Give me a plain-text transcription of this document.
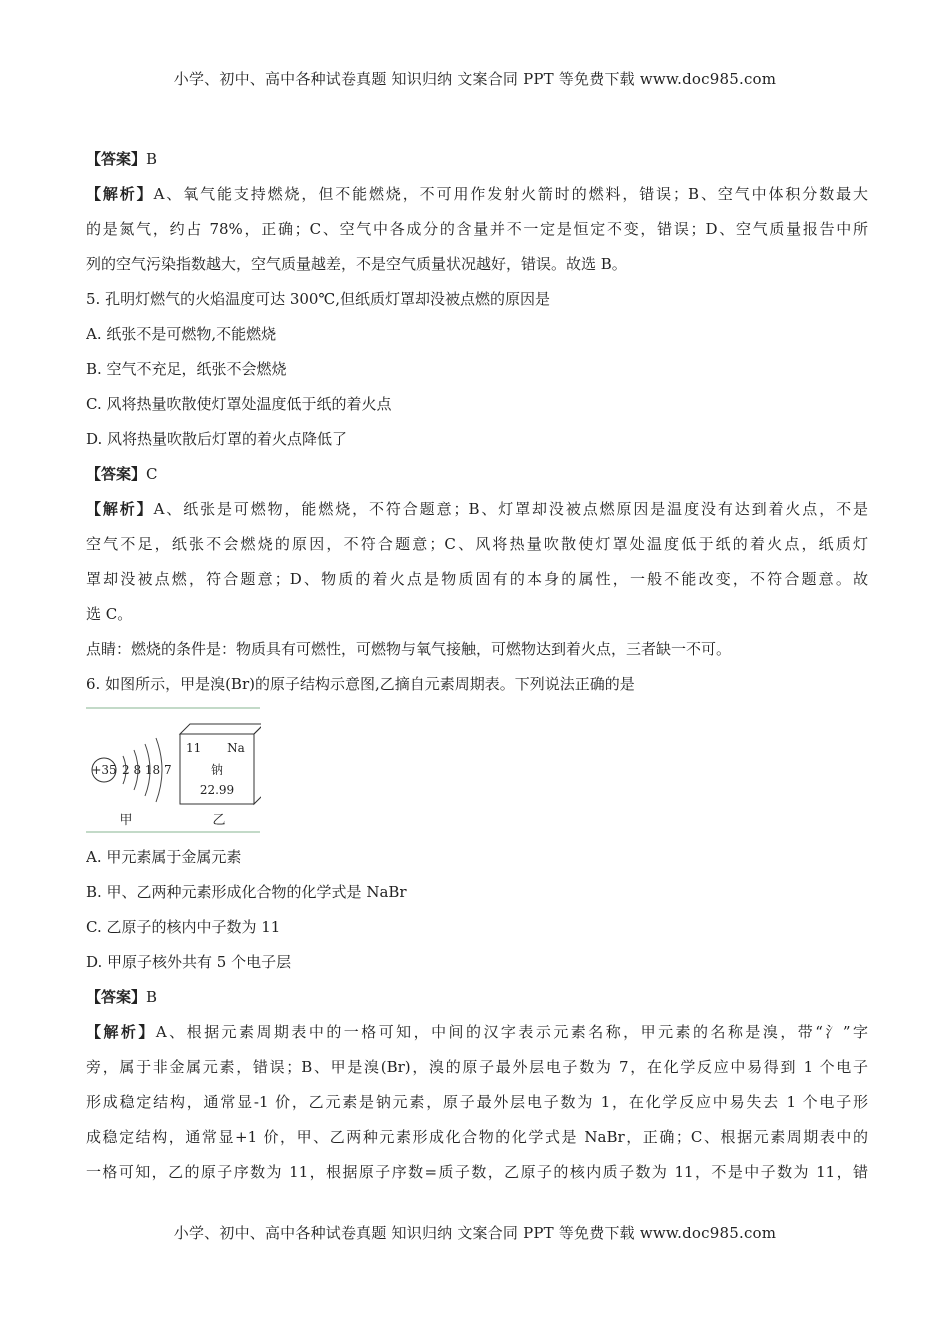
小学、初中、高中各种试卷真题 知识归纳 文案合同 PPT 等免费下载 www.doc985.com
【答案】B
【解析】A、氧气能支持燃烧，但不能燃烧，不可用作发射火箭时的燃料，错误；B、空气中体积分数最大
的是氮气，约占 78%，正确；C、空气中各成分的含量并不一定是恒定不变，错误；D、空气质量报告中所
列的空气污染指数越大，空气质量越差，不是空气质量状况越好，错误。故选 B。
5. 孔明灯燃气的火焰温度可达 300℃,但纸质灯罩却没被点燃的原因是
A. 纸张不是可燃物,不能燃烧
B. 空气不充足，纸张不会燃烧
C. 风将热量吹散使灯罩处温度低于纸的着火点
D. 风将热量吹散后灯罩的着火点降低了
【答案】C
【解析】A、纸张是可燃物，能燃烧，不符合题意；B、灯罩却没被点燃原因是温度没有达到着火点，不是
空气不足，纸张不会燃烧的原因，不符合题意；C、风将热量吹散使灯罩处温度低于纸的着火点，纸质灯
罩却没被点燃，符合题意；D、物质的着火点是物质固有的本身的属性，一般不能改变，不符合题意。故
选 C。
点睛：燃烧的条件是：物质具有可燃性，可燃物与氧气接触，可燃物达到着火点，三者缺一不可。
6. 如图所示，甲是溴(Br)的原子结构示意图,乙摘自元素周期表。下列说法正确的是
+35 2 8 18 7
11 Na
钠
22.99
甲	乙
A. 甲元素属于金属元素
B. 甲、乙两种元素形成化合物的化学式是 NaBr
C. 乙原子的核内中子数为 11
D. 甲原子核外共有 5 个电子层
【答案】B
【解析】A、根据元素周期表中的一格可知，中间的汉字表示元素名称，甲元素的名称是溴，带“氵”字
旁，属于非金属元素，错误；B、甲是溴(Br)，溴的原子最外层电子数为 7，在化学反应中易得到 1 个电子
形成稳定结构，通常显-1 价，乙元素是钠元素，原子最外层电子数为 1，在化学反应中易失去 1 个电子形
成稳定结构，通常显+1 价，甲、乙两种元素形成化合物的化学式是 NaBr，正确；C、根据元素周期表中的
一格可知，乙的原子序数为 11，根据原子序数=质子数，乙原子的核内质子数为 11，不是中子数为 11，错
小学、初中、高中各种试卷真题 知识归纳 文案合同 PPT 等免费下载 www.doc985.com
